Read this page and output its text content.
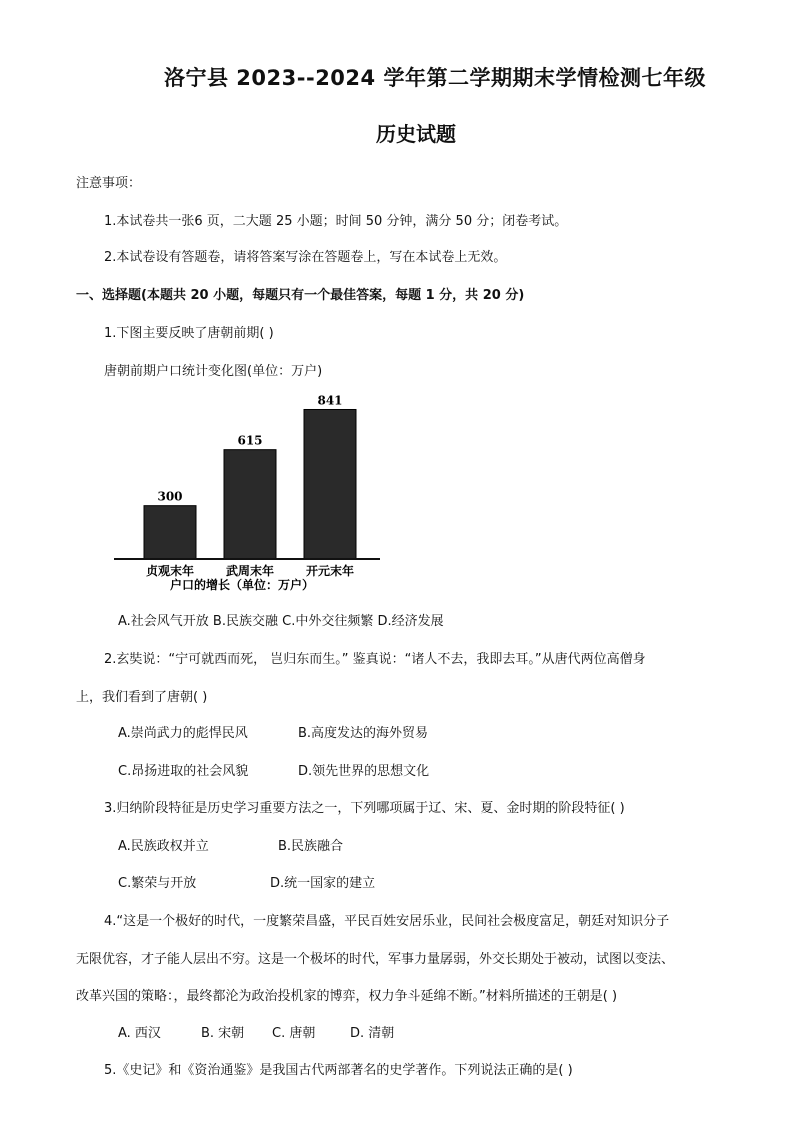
洛宁县 2023--2024 学年第二学期期末学情检测七年级
历史试题
注意事项：
1.本试卷共一张6 页，二大题 25 小题；时间 50 分钟，满分 50 分；闭卷考试。
2.本试卷设有答题卷，请将答案写涂在答题卷上，写在本试卷上无效。
一、选择题(本题共 20 小题，每题只有一个最佳答案，每题 1 分，共 20 分)
1.下图主要反映了唐朝前期( )
唐朝前期户口统计变化图(单位：万户)
300
615
841
贞观末年	武周末年	开元末年
户口的增长（单位：万户）
A.社会风气开放 B.民族交融 C.中外交往频繁 D.经济发展
2.玄奘说：“宁可就西而死， 岂归东而生。” 鉴真说：“诸人不去，我即去耳。”从唐代两位高僧身
上，我们看到了唐朝( )
A.崇尚武力的彪悍民风	B.高度发达的海外贸易
C.昂扬进取的社会风貌	D.领先世界的思想文化
3.归纳阶段特征是历史学习重要方法之一，下列哪项属于辽、宋、夏、金时期的阶段特征( )
A.民族政权并立	B.民族融合
C.繁荣与开放	D.统一国家的建立
4.“这是一个极好的时代，一度繁荣昌盛，平民百姓安居乐业，民间社会极度富足，朝廷对知识分子
无限优容，才子能人层出不穷。这是一个极坏的时代，军事力量孱弱，外交长期处于被动，试图以变法、
改革兴国的策略：，最终都沦为政治投机家的博弈，权力争斗延绵不断。”材料所描述的王朝是( )
A. 西汉	B. 宋朝 C. 唐朝	D. 清朝
5.《史记》和《资治通鉴》是我国古代两部著名的史学著作。下列说法正确的是( )
